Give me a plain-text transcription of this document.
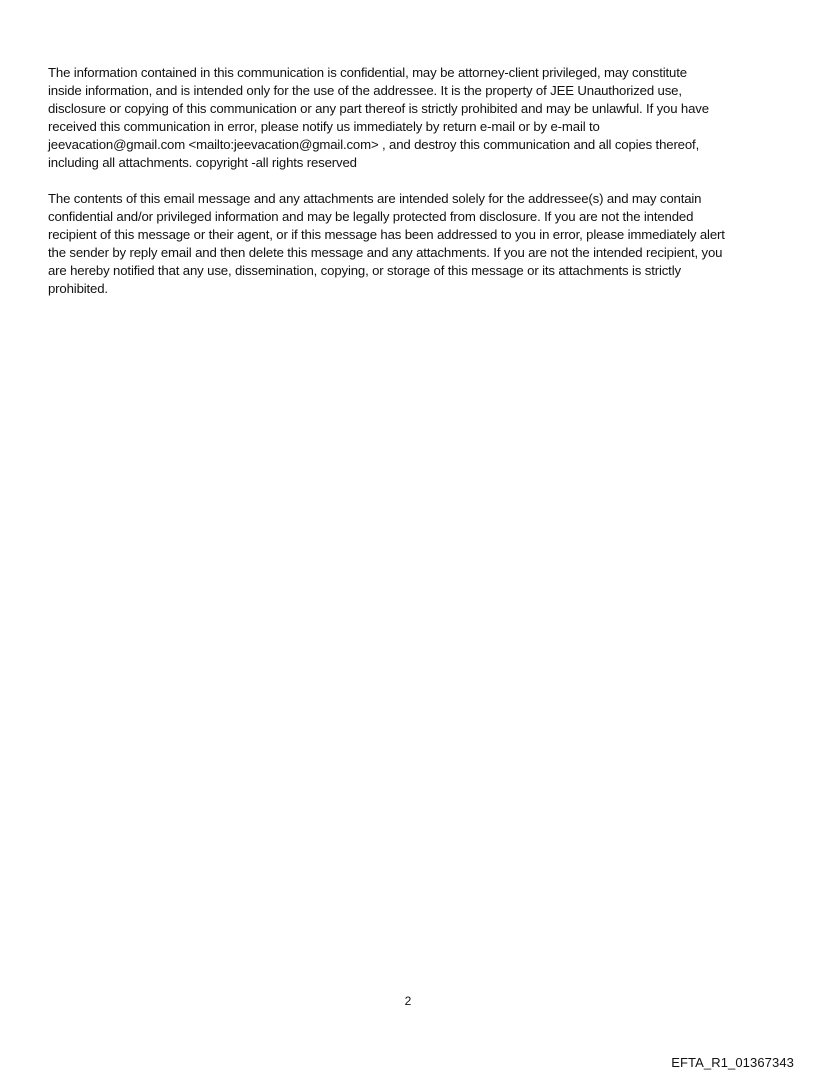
The information contained in this communication is confidential, may be attorney-client privileged, may constitute
inside information, and is intended only for the use of the addressee. It is the property of JEE Unauthorized use,
disclosure or copying of this communication or any part thereof is strictly prohibited and may be unlawful. If you have
received this communication in error, please notify us immediately by return e-mail or by e-mail to
jeevacation@gmail.com <mailto:jeevacation@gmail.com> , and destroy this communication and all copies thereof,
including all attachments. copyright -all rights reserved

The contents of this email message and any attachments are intended solely for the addressee(s) and may contain
confidential and/or privileged information and may be legally protected from disclosure. If you are not the intended
recipient of this message or their agent, or if this message has been addressed to you in error, please immediately alert
the sender by reply email and then delete this message and any attachments. If you are not the intended recipient, you
are hereby notified that any use, dissemination, copying, or storage of this message or its attachments is strictly
prohibited.

2
EFTA_R1_01367343
